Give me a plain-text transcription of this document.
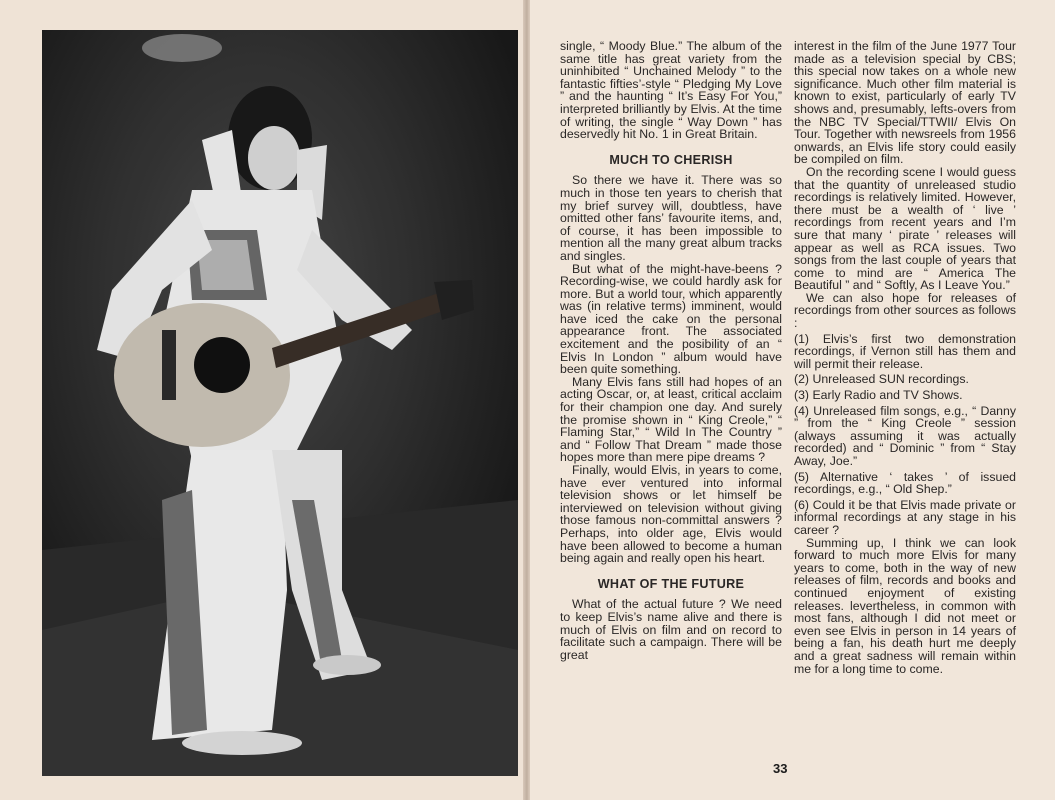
single, “ Moody Blue.” The album of the same title has great variety from the uninhibited “ Unchained Melody ” to the fantastic fifties’-style “ Pledging My Love ” and the haunting “ It’s Easy For You,” interpreted brilliantly by Elvis. At the time of writing, the single “ Way Down ” has deservedly hit No. 1 in Great Britain.

MUCH TO CHERISH

So there we have it. There was so much in those ten years to cherish that my brief survey will, doubtless, have omitted other fans’ favourite items, and, of course, it has been impossible to mention all the many great album tracks and singles.

But what of the might-have-beens ? Recording-wise, we could hardly ask for more. But a world tour, which apparently was (in relative terms) imminent, would have iced the cake on the personal appearance front. The associated excitement and the posibility of an “ Elvis In London ” album would have been quite something.

Many Elvis fans still had hopes of an acting Oscar, or, at least, critical acclaim for their champion one day. And surely the promise shown in “ King Creole,” “ Flaming Star,” “ Wild In The Country ” and “ Follow That Dream ” made those hopes more than mere pipe dreams ?

Finally, would Elvis, in years to come, have ever ventured into informal television shows or let himself be interviewed on television without giving those famous non-committal answers ? Perhaps, into older age, Elvis would have been allowed to become a human being again and really open his heart.

WHAT OF THE FUTURE

What of the actual future ? We need to keep Elvis’s name alive and there is much of Elvis on film and on record to facilitate such a campaign. There will be great

interest in the film of the June 1977 Tour made as a television special by CBS; this special now takes on a whole new significance. Much other film material is known to exist, particularly of early TV shows and, presumably, lefts-overs from the NBC TV Special/TTWII/ Elvis On Tour. Together with newsreels from 1956 onwards, an Elvis life story could easily be compiled on film.

On the recording scene I would guess that the quantity of unreleased studio recordings is relatively limited. However, there must be a wealth of ‘ live ’ recordings from recent years and I’m sure that many ‘ pirate ’ releases will appear as well as RCA issues. Two songs from the last couple of years that come to mind are “ America The Beautiful ” and “ Softly, As I Leave You.”

We can also hope for releases of recordings from other sources as follows :

(1) Elvis’s first two demonstration recordings, if Vernon still has them and will permit their release.

(2) Unreleased SUN recordings.

(3) Early Radio and TV Shows.

(4) Unreleased film songs, e.g., “ Danny ” from the “ King Creole ” session (always assuming it was actually recorded) and “ Dominic ” from “ Stay Away, Joe.”

(5) Alternative ‘ takes ’ of issued recordings, e.g., “ Old Shep.”

(6) Could it be that Elvis made private or informal recordings at any stage in his career ?

Summing up, I think we can look forward to much more Elvis for many years to come, both in the way of new releases of film, records and books and continued enjoyment of existing releases. levertheless, in common with most fans, although I did not meet or even see Elvis in person in 14 years of being a fan, his death hurt me deeply and a great sadness will remain within me for a long time to come.

33
